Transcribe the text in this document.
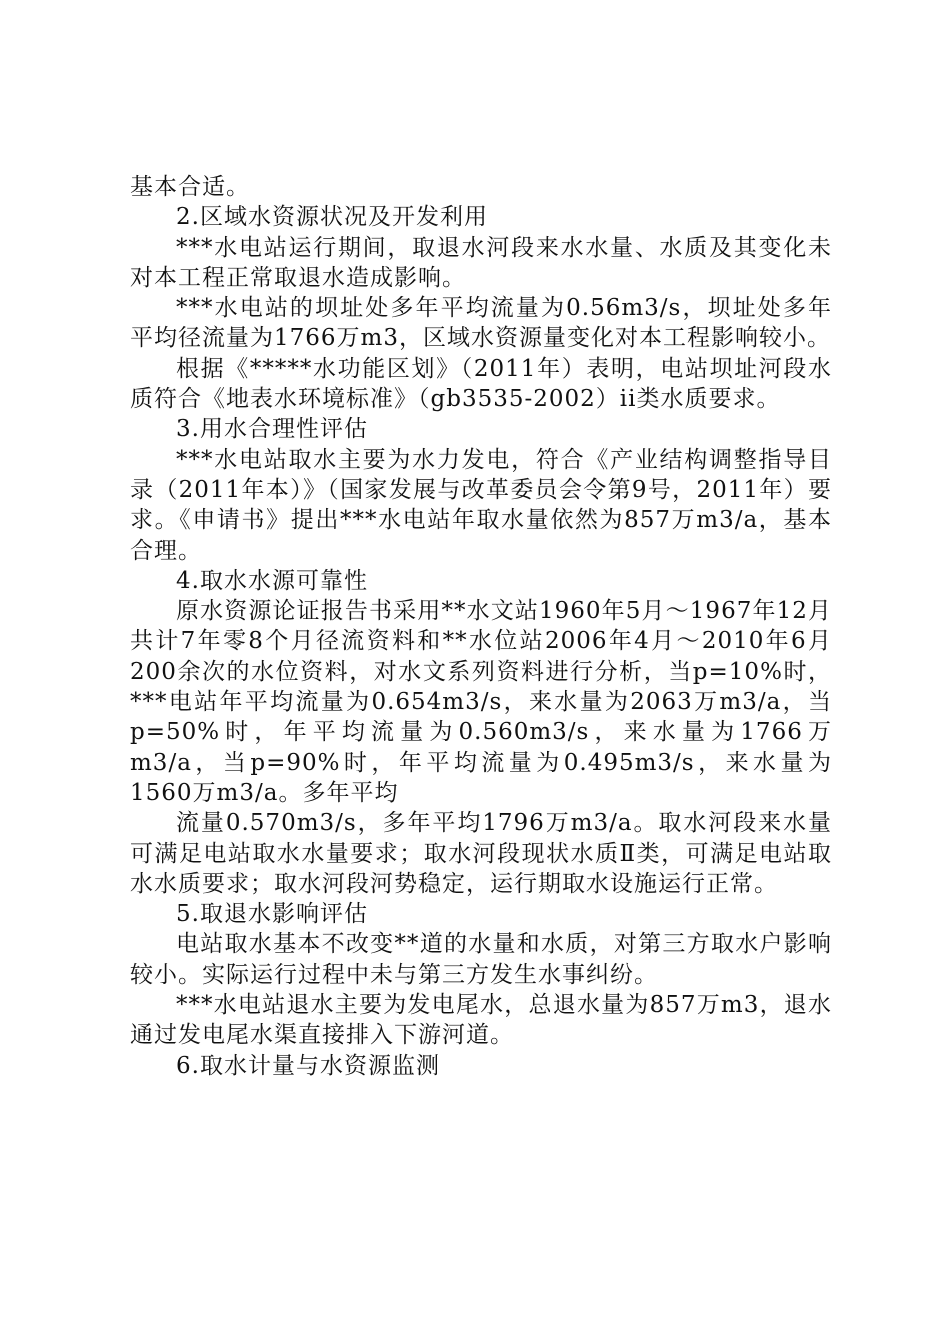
基本合适。

2.区域水资源状况及开发利用

***水电站运行期间，取退水河段来水水量、水质及其变化未对本工程正常取退水造成影响。

***水电站的坝址处多年平均流量为0.56m3/s，坝址处多年平均径流量为1766万m3，区域水资源量变化对本工程影响较小。

根据《*****水功能区划》（2011年）表明，电站坝址河段水质符合《地表水环境标准》（gb3535-2002）ii类水质要求。

3.用水合理性评估

***水电站取水主要为水力发电，符合《产业结构调整指导目录（2011年本）》（国家发展与改革委员会令第9号，2011年）要求。《申请书》提出***水电站年取水量依然为857万m3/a，基本合理。

4.取水水源可靠性

原水资源论证报告书采用**水文站1960年5月～1967年12月共计7年零8个月径流资料和**水位站2006年4月～2010年6月200余次的水位资料，对水文系列资料进行分析，当p=10%时，***电站年平均流量为0.654m3/s，来水量为2063万m3/a，当p=50%时，年平均流量为0.560m3/s，来水量为1766万m3/a，当p=90%时，年平均流量为0.495m3/s，来水量为1560万m3/a。多年平均

流量0.570m3/s，多年平均1796万m3/a。取水河段来水量可满足电站取水水量要求；取水河段现状水质Ⅱ类，可满足电站取水水质要求；取水河段河势稳定，运行期取水设施运行正常。

5.取退水影响评估

电站取水基本不改变**道的水量和水质，对第三方取水户影响较小。实际运行过程中未与第三方发生水事纠纷。

***水电站退水主要为发电尾水，总退水量为857万m3，退水通过发电尾水渠直接排入下游河道。

6.取水计量与水资源监测
